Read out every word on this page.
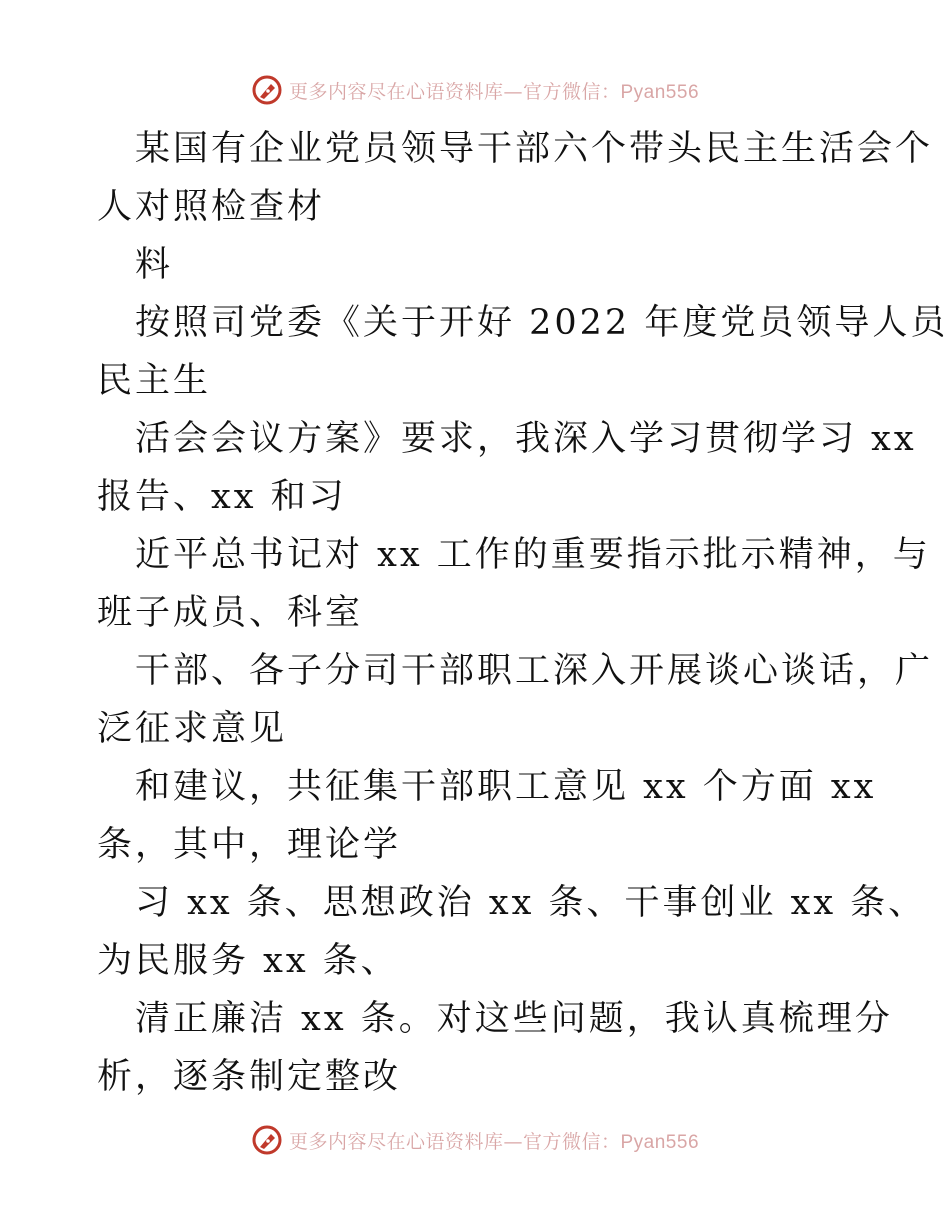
更多内容尽在心语资料库—官方微信：Pyan556
某国有企业党员领导干部六个带头民主生活会个
人对照检查材
料
按照司党委《关于开好 2022 年度党员领导人员
民主生
活会会议方案》要求，我深入学习贯彻学习 xx
报告、xx 和习
近平总书记对 xx 工作的重要指示批示精神，与
班子成员、科室
干部、各子分司干部职工深入开展谈心谈话，广
泛征求意见
和建议，共征集干部职工意见 xx 个方面 xx
条，其中，理论学
习 xx 条、思想政治 xx 条、干事创业 xx 条、
为民服务 xx 条、
清正廉洁 xx 条。对这些问题，我认真梳理分
析，逐条制定整改
更多内容尽在心语资料库—官方微信：Pyan556
